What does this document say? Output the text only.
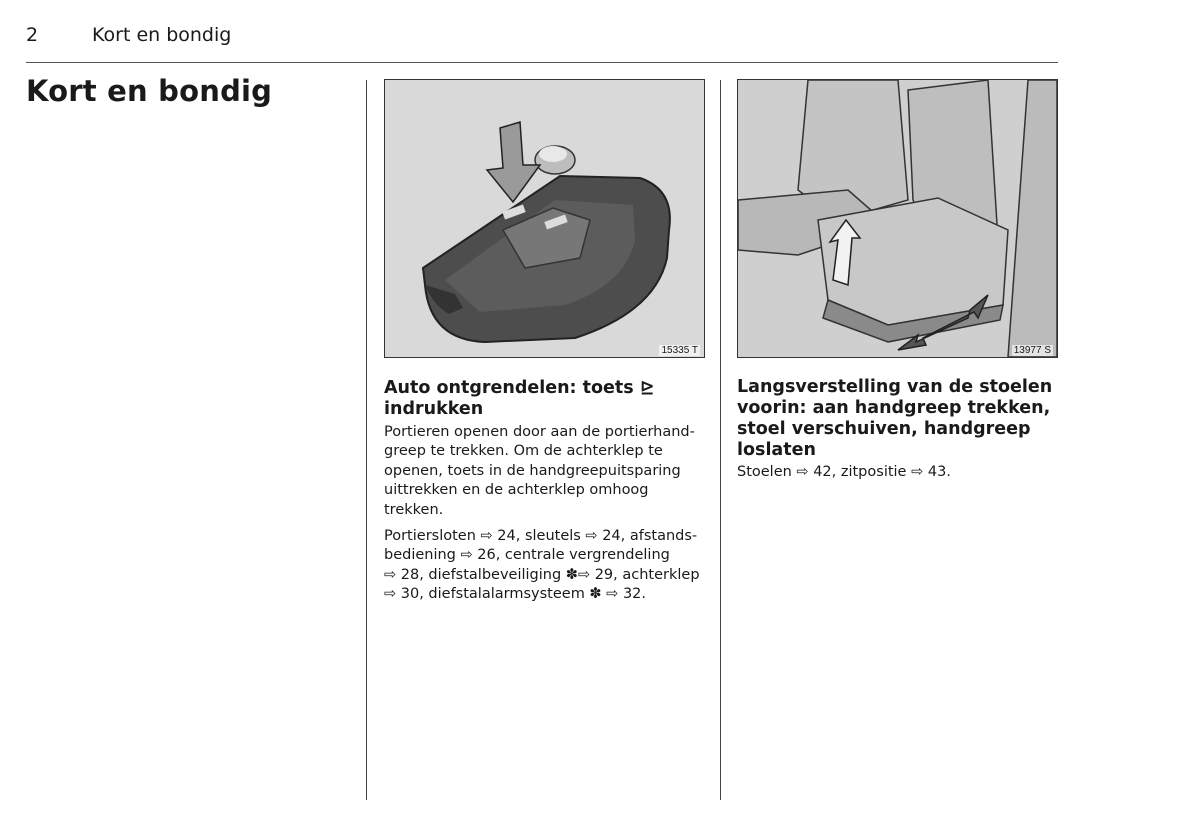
2	Kort en bondig
Kort en bondig
15335 T	13977 S
Auto ontgrendelen: toets ⊵
indrukken

Portieren openen door aan de portierhand-
greep te trekken. Om de achterklep te
openen, toets in de handgreepuitsparing
uittrekken en de achterklep omhoog
trekken.

Portiersloten ⇨ 24, sleutels ⇨ 24, afstands-
bediening ⇨ 26, centrale vergrendeling
⇨ 28, diefstalbeveiliging ✽⇨ 29, achterklep
⇨ 30, diefstalalarmsysteem ✽ ⇨ 32.

Langsverstelling van de stoelen
voorin: aan handgreep trekken,
stoel verschuiven, handgreep
loslaten

Stoelen ⇨ 42, zitpositie ⇨ 43.
